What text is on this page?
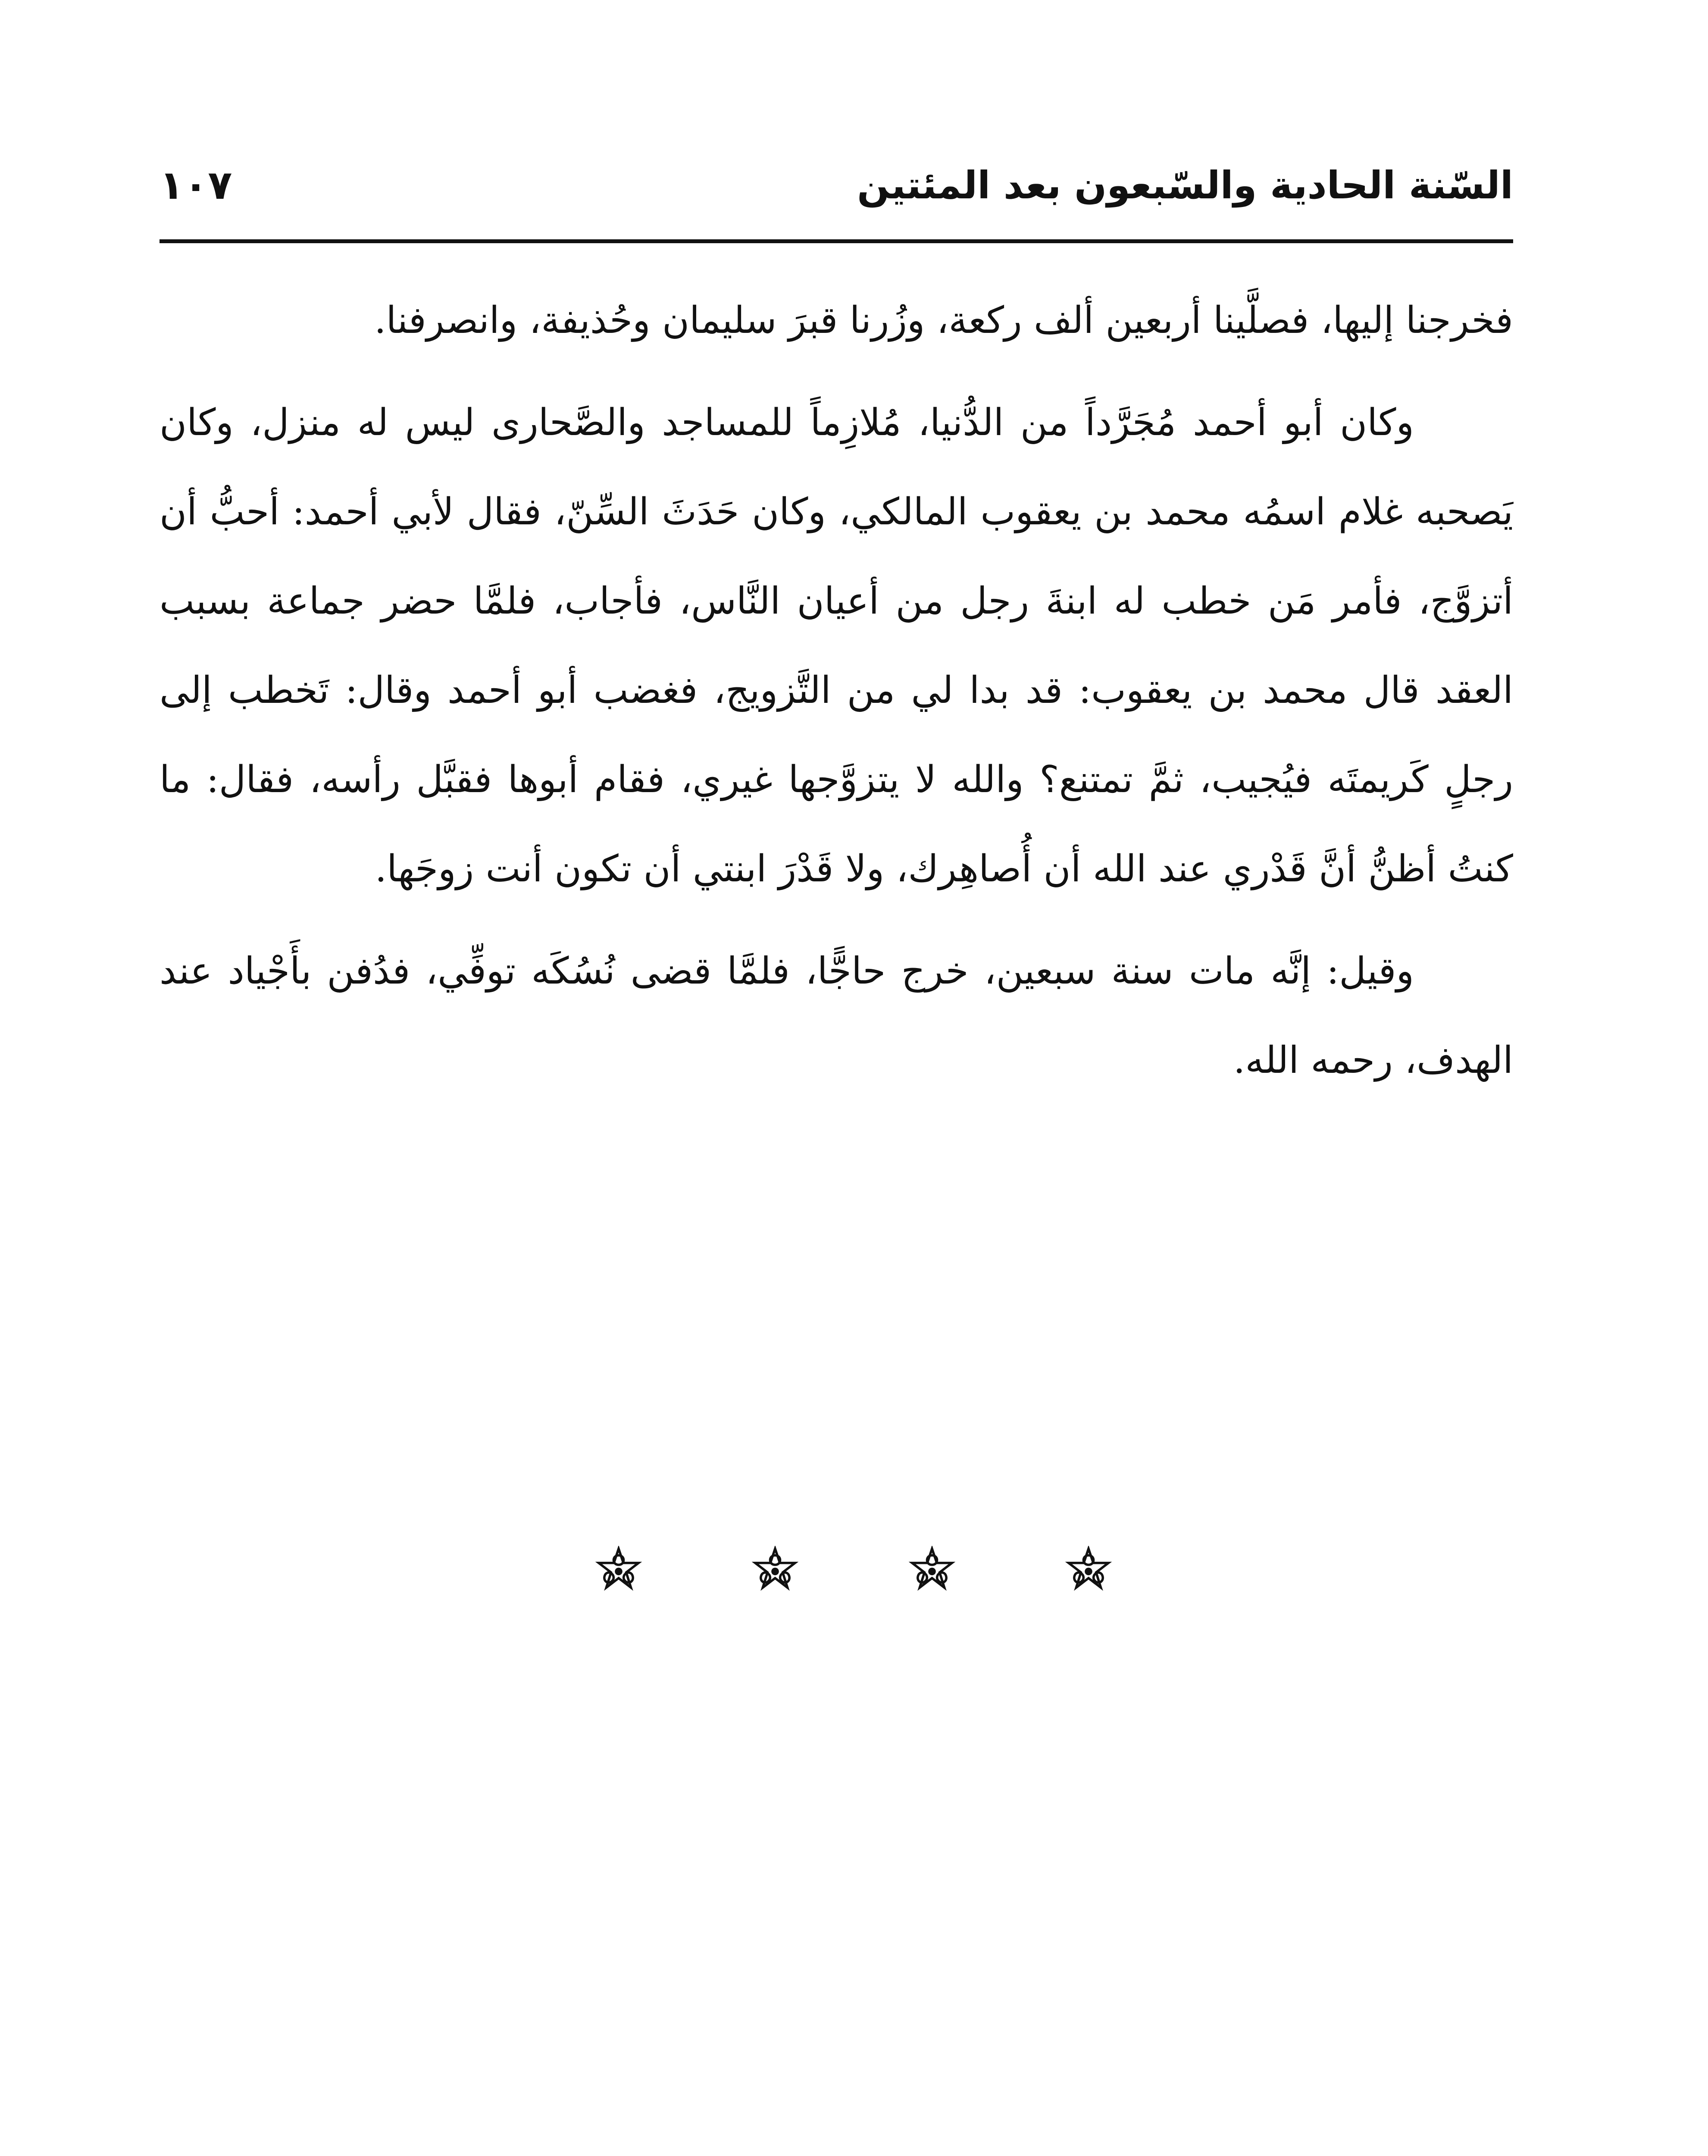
السّنة الحادية والسّبعون بعد المئتين
١٠٧

فخرجنا إليها، فصلَّينا أربعين ألف ركعة، وزُرنا قبرَ سليمان وحُذيفة، وانصرفنا.

وكان أبو أحمد مُجَرَّداً من الدُّنيا، مُلازِماً للمساجد والصَّحارى ليس له منزل، وكان يَصحبه غلام اسمُه محمد بن يعقوب المالكي، وكان حَدَثَ السِّنّ، فقال لأبي أحمد: أحبُّ أن أتزوَّج، فأمر مَن خطب له ابنةَ رجل من أعيان النَّاس، فأجاب، فلمَّا حضر جماعة بسبب العقد قال محمد بن يعقوب: قد بدا لي من التَّزويج، فغضب أبو أحمد وقال: تَخطب إلى رجلٍ كَريمتَه فيُجيب، ثمَّ تمتنع؟ والله لا يتزوَّجها غيري، فقام أبوها فقبَّل رأسه، فقال: ما كنتُ أظنُّ أنَّ قَدْري عند الله أن أُصاهِرك، ولا قَدْرَ ابنتي أن تكون أنت زوجَها.

وقيل: إنَّه مات سنة سبعين، خرج حاجًّا، فلمَّا قضى نُسُكَه توفِّي، فدُفن بأَجْياد عند الهدف، رحمه الله.
